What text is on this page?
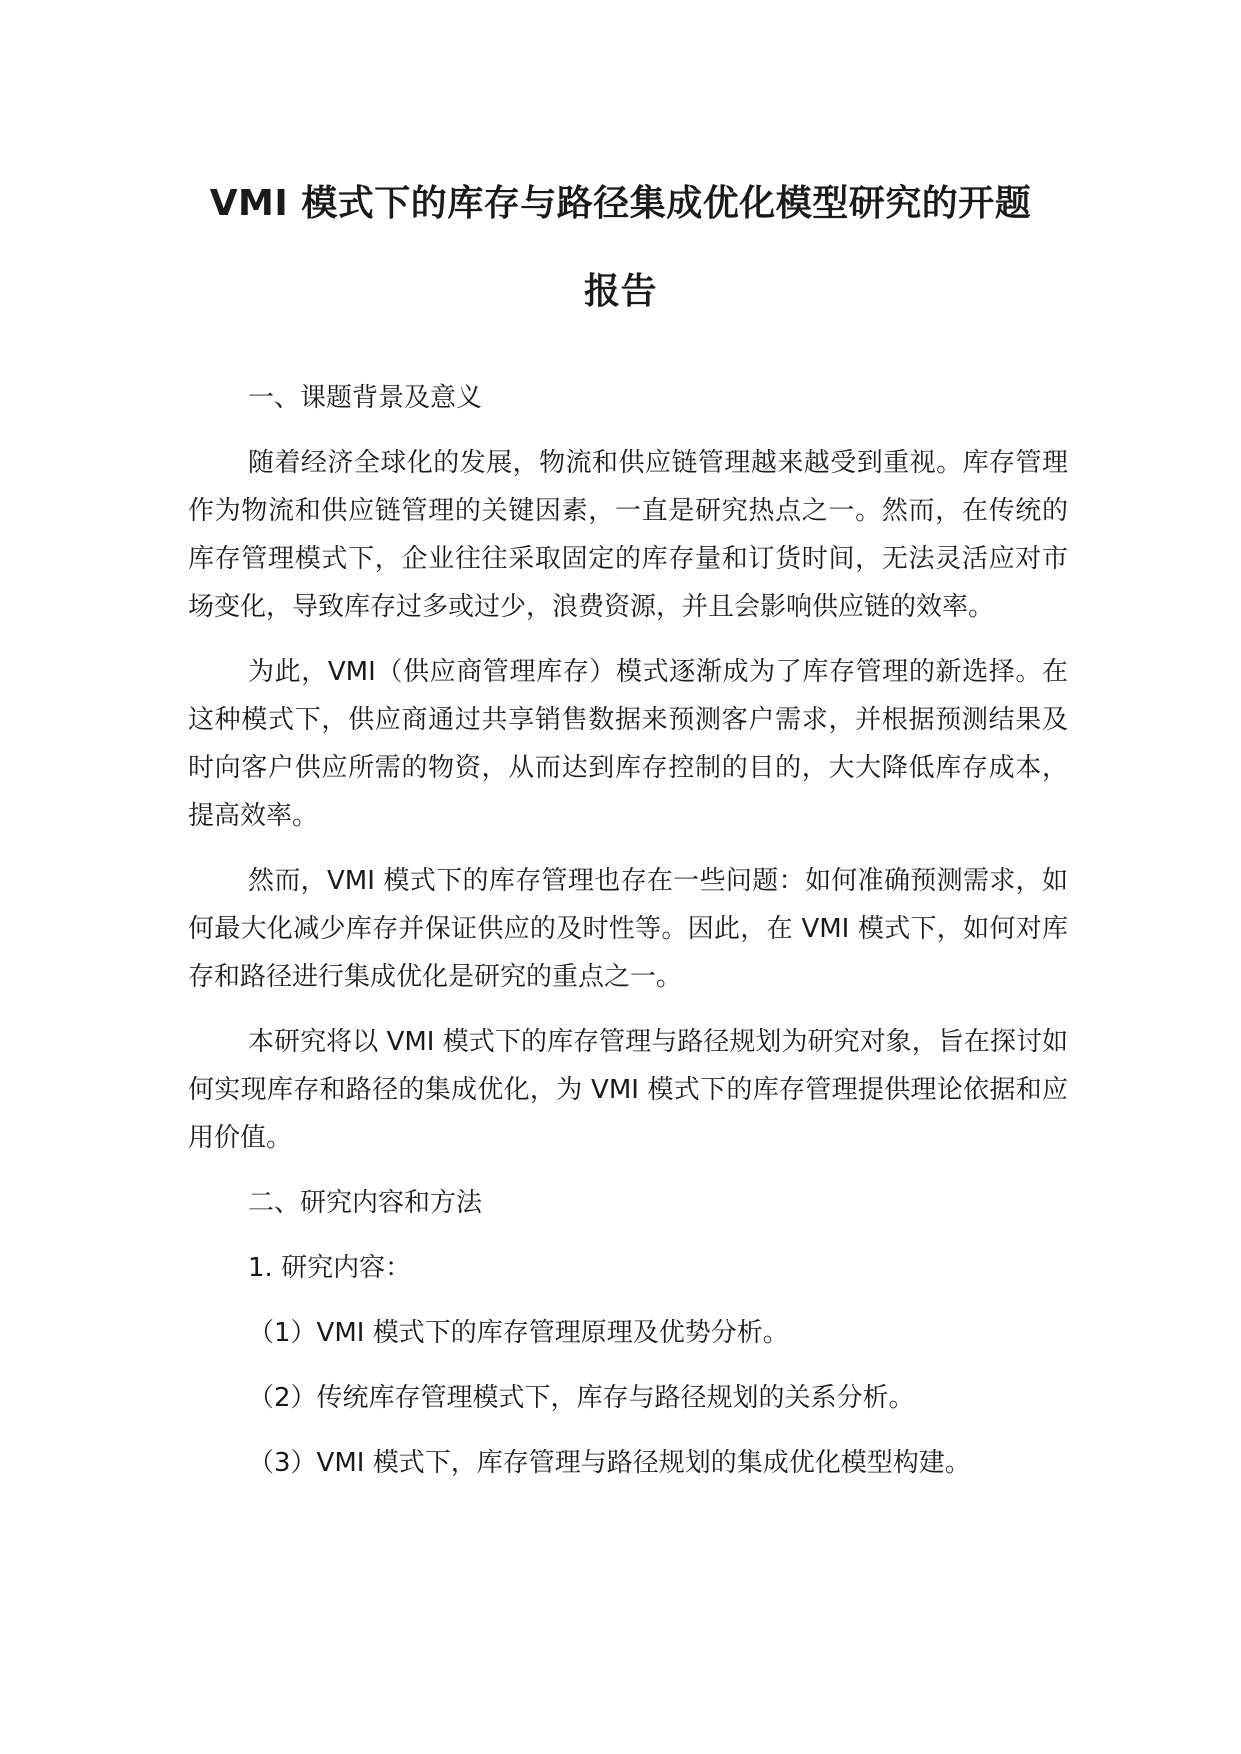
VMI 模式下的库存与路径集成优化模型研究的开题
报告

一、课题背景及意义

随着经济全球化的发展，物流和供应链管理越来越受到重视。库存管理作为物流和供应链管理的关键因素，一直是研究热点之一。然而，在传统的库存管理模式下，企业往往采取固定的库存量和订货时间，无法灵活应对市场变化，导致库存过多或过少，浪费资源，并且会影响供应链的效率。

为此，VMI（供应商管理库存）模式逐渐成为了库存管理的新选择。在这种模式下，供应商通过共享销售数据来预测客户需求，并根据预测结果及时向客户供应所需的物资，从而达到库存控制的目的，大大降低库存成本，提高效率。

然而，VMI 模式下的库存管理也存在一些问题：如何准确预测需求，如何最大化减少库存并保证供应的及时性等。因此，在 VMI 模式下，如何对库存和路径进行集成优化是研究的重点之一。

本研究将以 VMI 模式下的库存管理与路径规划为研究对象，旨在探讨如何实现库存和路径的集成优化，为 VMI 模式下的库存管理提供理论依据和应用价值。

二、研究内容和方法

1. 研究内容：

（1）VMI 模式下的库存管理原理及优势分析。

（2）传统库存管理模式下，库存与路径规划的关系分析。

（3）VMI 模式下，库存管理与路径规划的集成优化模型构建。
